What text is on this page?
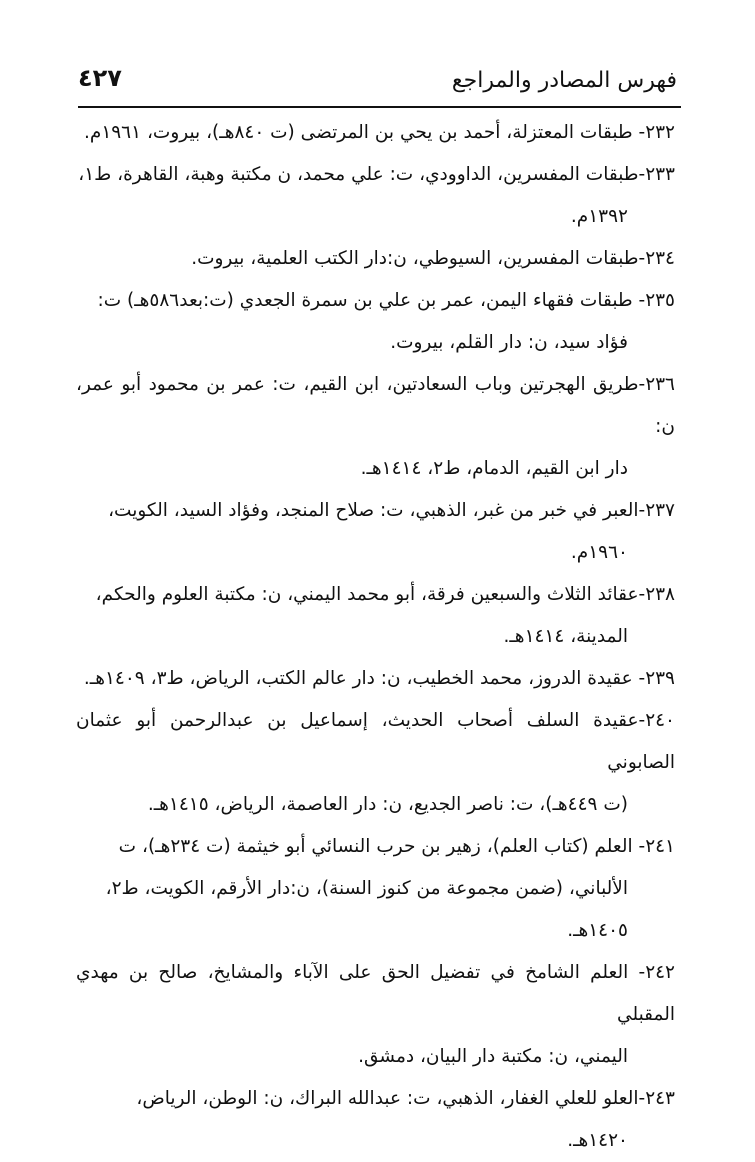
فهرس المصادر والمراجع
٤٢٧

٢٣٢- طبقات المعتزلة، أحمد بن يحي بن المرتضى (ت ٨٤٠هـ)، بيروت، ١٩٦١م.

٢٣٣-طبقات المفسرين، الداوودي، ت: علي محمد، ن مكتبة وهبة، القاهرة، ط١،
١٣٩٢م.

٢٣٤-طبقات المفسرين، السيوطي، ن:دار الكتب العلمية، بيروت.

٢٣٥- طبقات فقهاء اليمن، عمر بن علي بن سمرة الجعدي (ت:بعد٥٨٦هـ) ت:
فؤاد سيد، ن: دار القلم، بيروت.

٢٣٦-طريق الهجرتين وباب السعادتين، ابن القيم، ت: عمر بن محمود أبو عمر، ن:
دار ابن القيم، الدمام، ط٢، ١٤١٤هـ.

٢٣٧-العبر في خبر من غبر، الذهبي، ت: صلاح المنجد، وفؤاد السيد، الكويت،
١٩٦٠م.

٢٣٨-عقائد الثلاث والسبعين فرقة، أبو محمد اليمني، ن: مكتبة العلوم والحكم،
المدينة، ١٤١٤هـ.

٢٣٩- عقيدة الدروز، محمد الخطيب، ن: دار عالم الكتب، الرياض، ط٣، ١٤٠٩هـ.

٢٤٠-عقيدة السلف أصحاب الحديث، إسماعيل بن عبدالرحمن أبو عثمان الصابوني
(ت ٤٤٩هـ)، ت: ناصر الجديع، ن: دار العاصمة، الرياض، ١٤١٥هـ.

٢٤١- العلم (كتاب العلم)، زهير بن حرب النسائي أبو خيثمة (ت ٢٣٤هـ)، ت
الألباني، (ضمن مجموعة من كنوز السنة)، ن:دار الأرقم، الكويت، ط٢،
١٤٠٥هـ.

٢٤٢- العلم الشامخ في تفضيل الحق على الآباء والمشايخ، صالح بن مهدي المقبلي
اليمني، ن: مكتبة دار البيان، دمشق.

٢٤٣-العلو للعلي الغفار، الذهبي، ت: عبدالله البراك، ن: الوطن، الرياض،
١٤٢٠هـ.
